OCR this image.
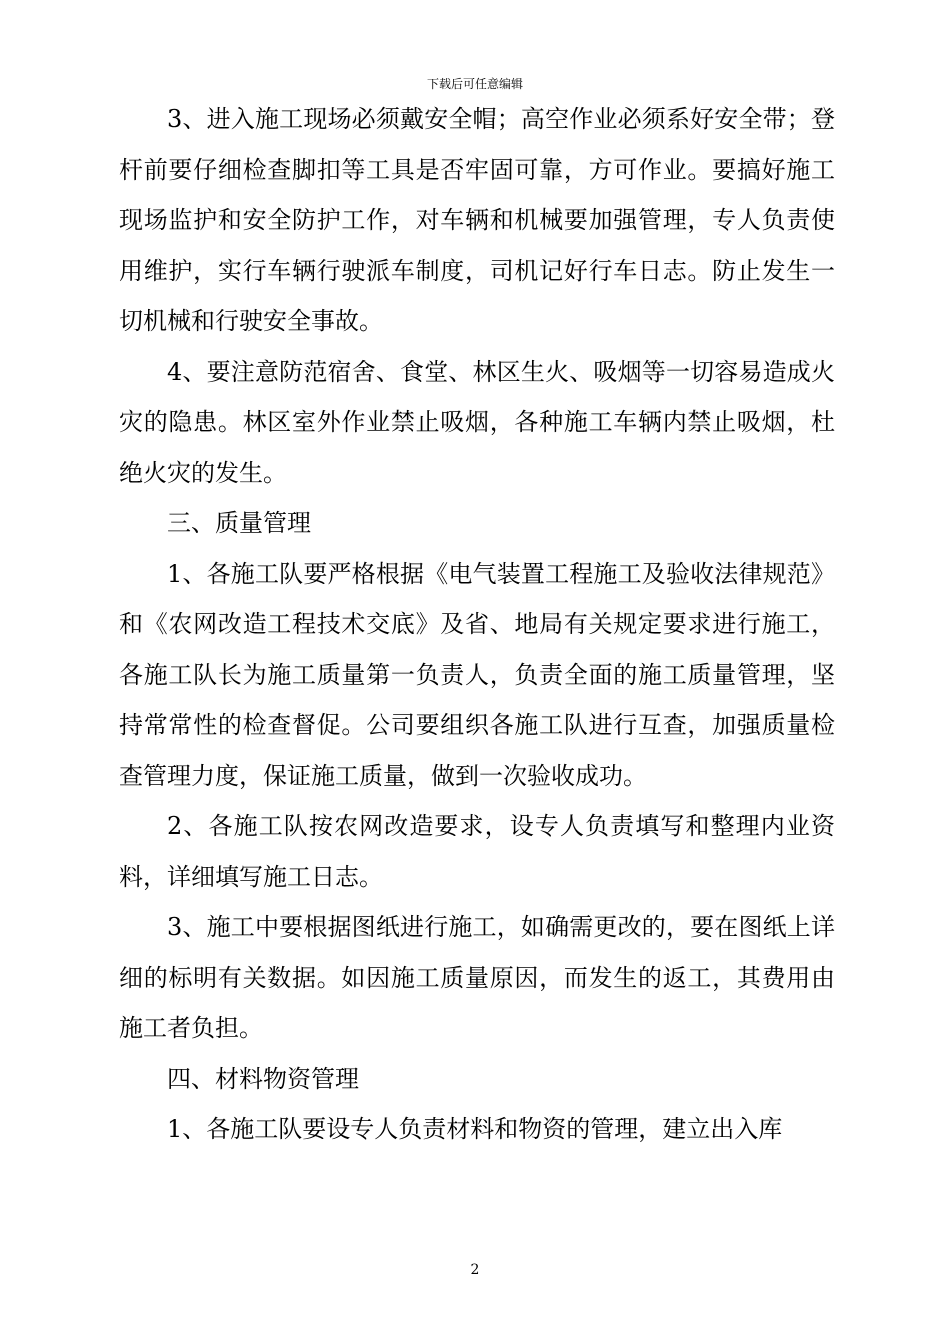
下载后可任意编辑

3、进入施工现场必须戴安全帽；高空作业必须系好安全带；登杆前要仔细检查脚扣等工具是否牢固可靠，方可作业。要搞好施工现场监护和安全防护工作，对车辆和机械要加强管理，专人负责使用维护，实行车辆行驶派车制度，司机记好行车日志。防止发生一切机械和行驶安全事故。

4、要注意防范宿舍、食堂、林区生火、吸烟等一切容易造成火灾的隐患。林区室外作业禁止吸烟，各种施工车辆内禁止吸烟，杜绝火灾的发生。

三、质量管理

1、各施工队要严格根据《电气装置工程施工及验收法律规范》和《农网改造工程技术交底》及省、地局有关规定要求进行施工，各施工队长为施工质量第一负责人，负责全面的施工质量管理，坚持常常性的检查督促。公司要组织各施工队进行互查，加强质量检查管理力度，保证施工质量，做到一次验收成功。

2、各施工队按农网改造要求，设专人负责填写和整理内业资料，详细填写施工日志。

3、施工中要根据图纸进行施工，如确需更改的，要在图纸上详细的标明有关数据。如因施工质量原因，而发生的返工，其费用由施工者负担。

四、材料物资管理

1、各施工队要设专人负责材料和物资的管理，建立出入库

2
